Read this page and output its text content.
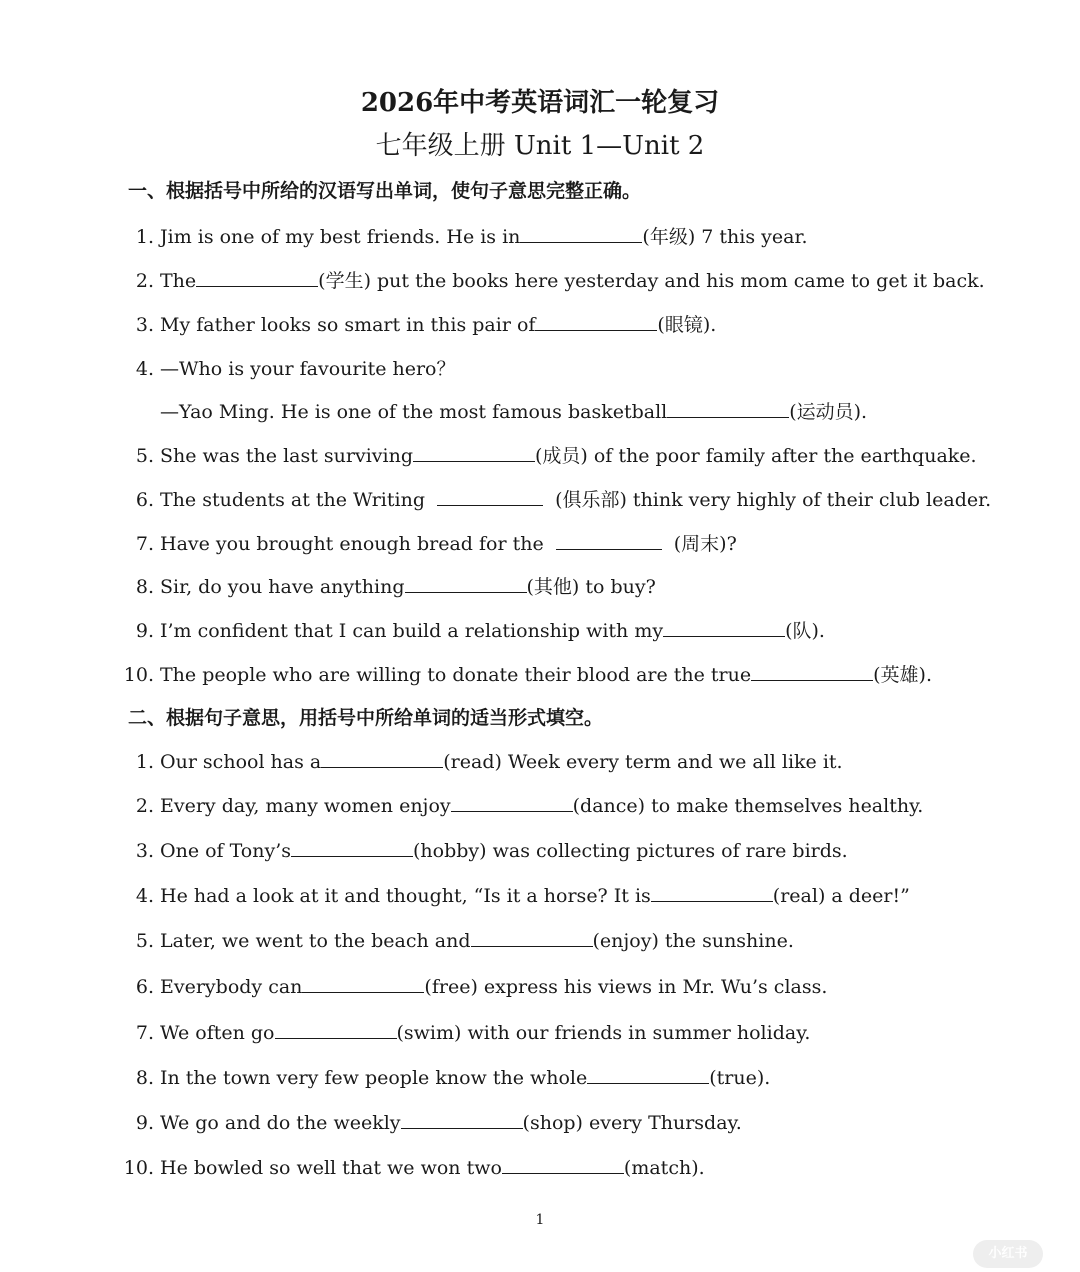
2026年中考英语词汇一轮复习
七年级上册 Unit 1—Unit 2
一、根据括号中所给的汉语写出单词，使句子意思完整正确。
1. Jim is one of my best friends. He is in	(年级) 7 this year.
2. The	(学生) put the books here yesterday and his mom came to get it back.
3. My father looks so smart in this pair of	(眼镜).
4. —Who is your favourite hero？
—Yao Ming. He is one of the most famous basketball	(运动员).
5. She was the last surviving	(成员) of the poor family after the earthquake.
6. The students at the Writing	(俱乐部) think very highly of their club leader.
7. Have you brought enough bread for the	(周末)?
8. Sir, do you have anything	(其他) to buy?
9. I’m confident that I can build a relationship with my	(队).
10. The people who are willing to donate their blood are the true	(英雄).
二、根据句子意思，用括号中所给单词的适当形式填空。
1. Our school has a	(read) Week every term and we all like it.
2. Every day, many women enjoy	(dance) to make themselves healthy.
3. One of Tony’s	(hobby) was collecting pictures of rare birds.
4. He had a look at it and thought, “Is it a horse? It is	(real) a deer!”
5. Later, we went to the beach and	(enjoy) the sunshine.
6. Everybody can	(free) express his views in Mr. Wu’s class.
7. We often go	(swim) with our friends in summer holiday.
8. In the town very few people know the whole	(true).
9. We go and do the weekly	(shop) every Thursday.
10. He bowled so well that we won two	(match).
1
小红书
